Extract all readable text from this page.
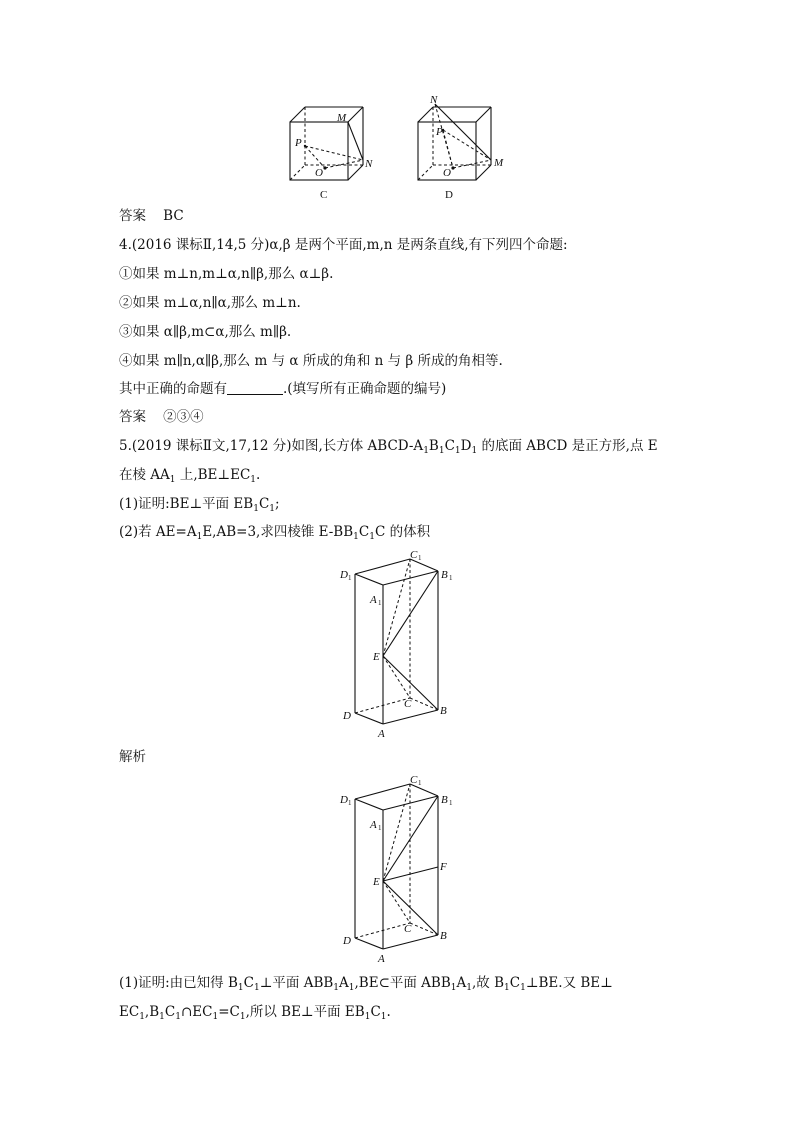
M
P
O
N
C
N
P
O
M
D
答案 BC
4.(2016 课标Ⅱ,14,5 分)α,β 是两个平面,m,n 是两条直线,有下列四个命题:
①如果 m⊥n,m⊥α,n∥β,那么 α⊥β.
②如果 m⊥α,n∥α,那么 m⊥n.
③如果 α∥β,m⊂α,那么 m∥β.
④如果 m∥n,α∥β,那么 m 与 α 所成的角和 n 与 β 所成的角相等.
其中正确的命题有	.(填写所有正确命题的编号)
答案 ②③④
5.(2019 课标Ⅱ文,17,12 分)如图,长方体 ABCD-$A_1B_1C_1D_1$ 的底面 ABCD 是正方形,点 E
在棱 $AA_1$ 上$,BE\perp EC_1$.
(1)证明:BE⊥平面 $EB_1C_1$;
(2)若 $AE=A_1E,AB=3$,求四棱锥 $E-BB_1C_1C$ 的体积
D 1
C 1
B 1
A 1
E
C
D	B
A
解析
D 1
C 1
B 1
A 1
E
F
C
D	B
A
(1)证明:由已知得 $B_1C_1\perp$平面 $ABB_1A_1,BE\subset$平面 $ABB_1A_1$,故 $B_1C_1\perp BE$.又 BE⊥
$EC_1,B_1C_1\cap EC_1=C_1$,所以 BE⊥平面 $EB_1C_1$.
